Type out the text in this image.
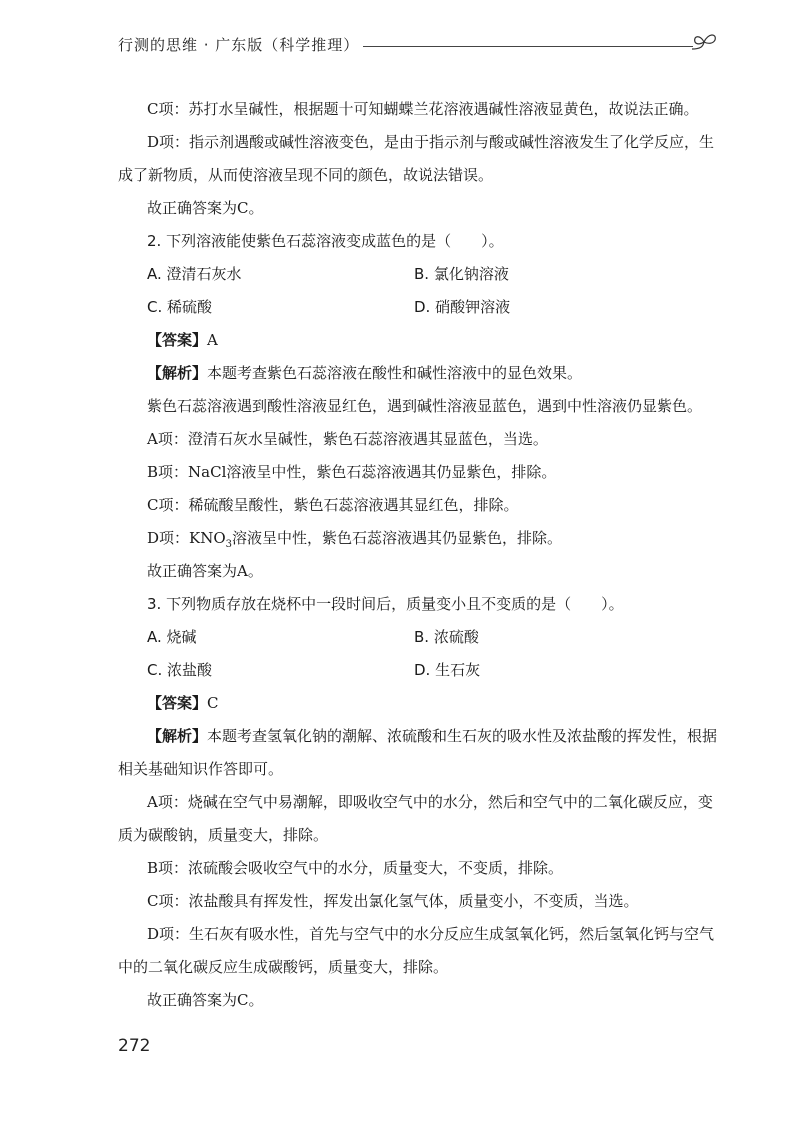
行测的思维 · 广东版（科学推理）

C项：苏打水呈碱性，根据题十可知蝴蝶兰花溶液遇碱性溶液显黄色，故说法正确。

D项：指示剂遇酸或碱性溶液变色，是由于指示剂与酸或碱性溶液发生了化学反应，生成了新物质，从而使溶液呈现不同的颜色，故说法错误。

故正确答案为C。

2. 下列溶液能使紫色石蕊溶液变成蓝色的是（　　）。

A. 澄清石灰水	B. 氯化钠溶液
C. 稀硫酸	D. 硝酸钾溶液

【答案】A

【解析】本题考查紫色石蕊溶液在酸性和碱性溶液中的显色效果。

紫色石蕊溶液遇到酸性溶液显红色，遇到碱性溶液显蓝色，遇到中性溶液仍显紫色。

A项：澄清石灰水呈碱性，紫色石蕊溶液遇其显蓝色，当选。

B项：NaCl溶液呈中性，紫色石蕊溶液遇其仍显紫色，排除。

C项：稀硫酸呈酸性，紫色石蕊溶液遇其显红色，排除。

D项：$KNO_3$溶液呈中性，紫色石蕊溶液遇其仍显紫色，排除。

故正确答案为A。

3. 下列物质存放在烧杯中一段时间后，质量变小且不变质的是（　　）。

A. 烧碱	B. 浓硫酸
C. 浓盐酸	D. 生石灰

【答案】C

【解析】本题考查氢氧化钠的潮解、浓硫酸和生石灰的吸水性及浓盐酸的挥发性，根据相关基础知识作答即可。

A项：烧碱在空气中易潮解，即吸收空气中的水分，然后和空气中的二氧化碳反应，变质为碳酸钠，质量变大，排除。

B项：浓硫酸会吸收空气中的水分，质量变大，不变质，排除。

C项：浓盐酸具有挥发性，挥发出氯化氢气体，质量变小，不变质，当选。

D项：生石灰有吸水性，首先与空气中的水分反应生成氢氧化钙，然后氢氧化钙与空气中的二氧化碳反应生成碳酸钙，质量变大，排除。

故正确答案为C。

272
